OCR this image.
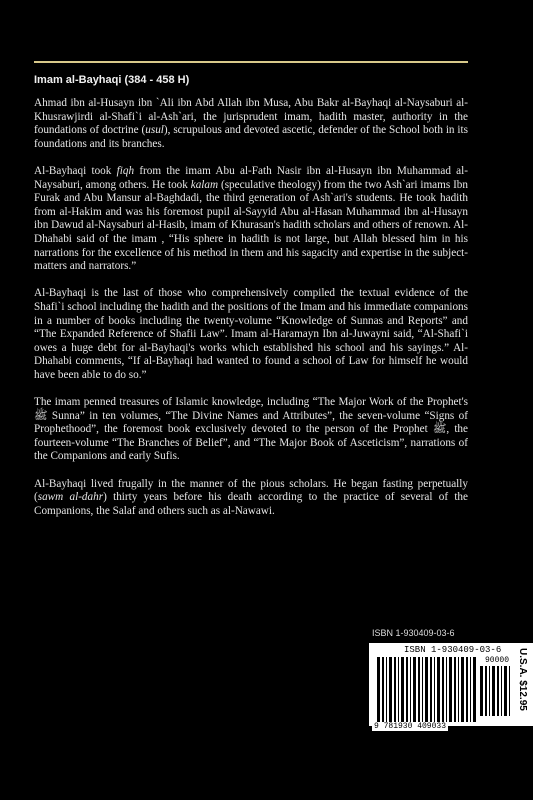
Imam al-Bayhaqi (384 - 458 H)

Ahmad ibn al-Husayn ibn `Ali ibn Abd Allah ibn Musa, Abu Bakr al-Bayhaqi al-Naysaburi al-Khusrawjirdi al-Shafi`i al-Ash`ari, the jurisprudent imam, hadith master, authority in the foundations of doctrine (usul), scrupulous and devoted ascetic, defender of the School both in its foundations and its branches.

Al-Bayhaqi took fiqh from the imam Abu al-Fath Nasir ibn al-Husayn ibn Muhammad al-Naysaburi, among others. He took kalam (speculative theology) from the two Ash`ari imams Ibn Furak and Abu Mansur al-Baghdadi, the third generation of Ash`ari's students. He took hadith from al-Hakim and was his foremost pupil al-Sayyid Abu al-Hasan Muhammad ibn al-Husayn ibn Dawud al-Naysaburi al-Hasib, imam of Khurasan's hadith scholars and others of renown. Al-Dhahabi said of the imam , “His sphere in hadith is not large, but Allah blessed him in his narrations for the excellence of his method in them and his sagacity and expertise in the subject-matters and narrators.”

Al-Bayhaqi is the last of those who comprehensively compiled the textual evidence of the Shafi`i school including the hadith and the positions of the Imam and his immediate companions in a number of books including the twenty-volume “Knowledge of Sunnas and Reports” and “The Expanded Reference of Shafii Law”. Imam al-Haramayn Ibn al-Juwayni said, “Al-Shafi`i owes a huge debt for al-Bayhaqi's works which established his school and his sayings.” Al-Dhahabi comments, “If al-Bayhaqi had wanted to found a school of Law for himself he would have been able to do so.”

The imam penned treasures of Islamic knowledge, including “The Major Work of the Prophet's ﷺ Sunna” in ten volumes, “The Divine Names and Attributes”, the seven-volume “Signs of Prophethood”, the foremost book exclusively devoted to the person of the Prophet ﷺ, the fourteen-volume “The Branches of Belief”, and “The Major Book of Asceticism”, narrations of the Companions and early Sufis.

Al-Bayhaqi lived frugally in the manner of the pious scholars. He began fasting perpetually (sawm al-dahr) thirty years before his death according to the practice of several of the Companions, the Salaf and others such as al-Nawawi.

ISBN 1-930409-03-6
ISBN 1-930409-03-6
90000 U.S.A. $12.95
9 781930 409033
